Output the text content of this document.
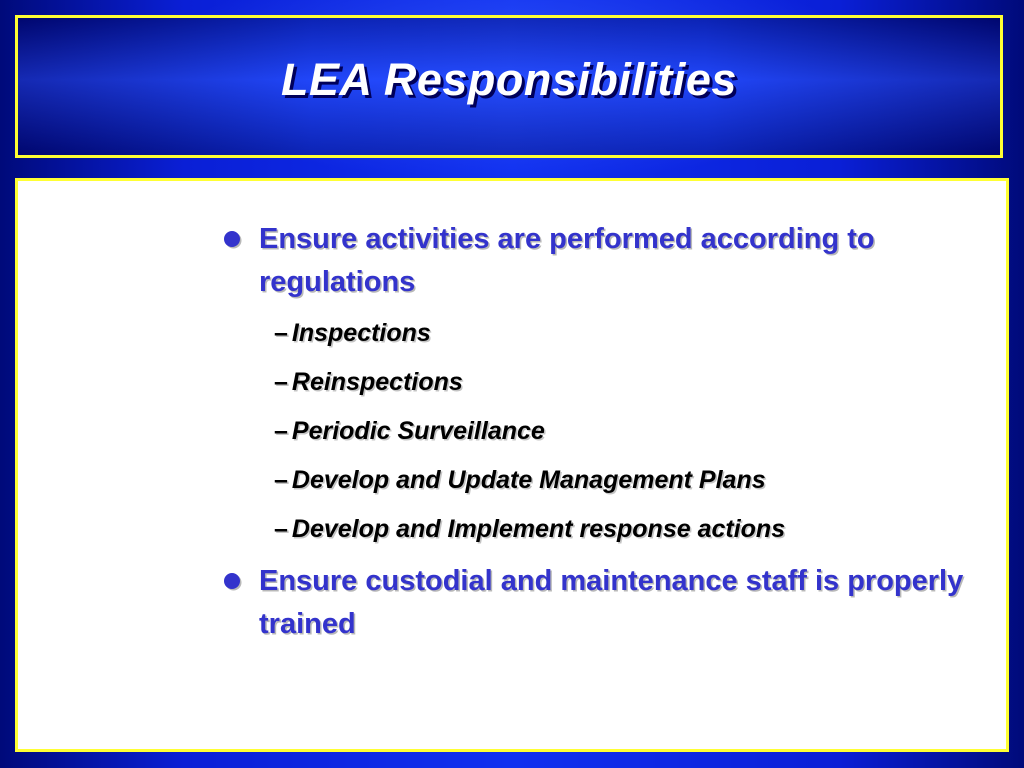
LEA Responsibilities
Ensure activities are performed according to regulations
– Inspections
– Reinspections
– Periodic Surveillance
– Develop and Update Management Plans
– Develop and Implement response actions
Ensure custodial and maintenance staff is properly trained
